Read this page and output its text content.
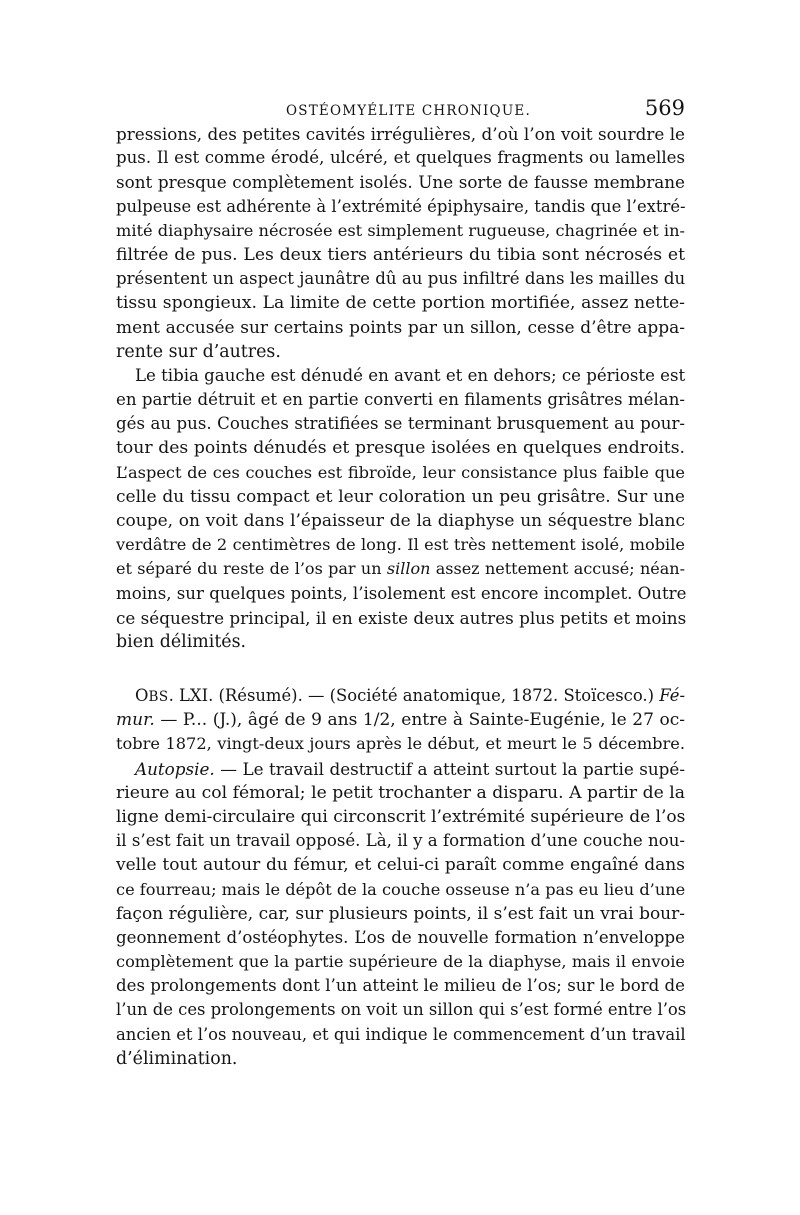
OSTÉOMYÉLITE CHRONIQUE.	569
pressions, des petites cavités irrégulières, d’où l’on voit sourdre le
pus. Il est comme érodé, ulcéré, et quelques fragments ou lamelles
sont presque complètement isolés. Une sorte de fausse membrane
pulpeuse est adhérente à l’extrémité épiphysaire, tandis que l’extré-
mité diaphysaire nécrosée est simplement rugueuse, chagrinée et in-
filtrée de pus. Les deux tiers antérieurs du tibia sont nécrosés et
présentent un aspect jaunâtre dû au pus infiltré dans les mailles du
tissu spongieux. La limite de cette portion mortifiée, assez nette-
ment accusée sur certains points par un sillon, cesse d’être appa-
rente sur d’autres.
Le tibia gauche est dénudé en avant et en dehors; ce périoste est
en partie détruit et en partie converti en filaments grisâtres mélan-
gés au pus. Couches stratifiées se terminant brusquement au pour-
tour des points dénudés et presque isolées en quelques endroits.
L’aspect de ces couches est fibroïde, leur consistance plus faible que
celle du tissu compact et leur coloration un peu grisâtre. Sur une
coupe, on voit dans l’épaisseur de la diaphyse un séquestre blanc
verdâtre de 2 centimètres de long. Il est très nettement isolé, mobile
et séparé du reste de l’os par un sillon assez nettement accusé; néan-
moins, sur quelques points, l’isolement est encore incomplet. Outre
ce séquestre principal, il en existe deux autres plus petits et moins
bien délimités.
OBS. LXI. (Résumé). — (Société anatomique, 1872. Stoïcesco.) Fé-
mur. — P... (J.), âgé de 9 ans 1/2, entre à Sainte-Eugénie, le 27 oc-
tobre 1872, vingt-deux jours après le début, et meurt le 5 décembre.
Autopsie. — Le travail destructif a atteint surtout la partie supé-
rieure au col fémoral; le petit trochanter a disparu. A partir de la
ligne demi-circulaire qui circonscrit l’extrémité supérieure de l’os
il s’est fait un travail opposé. Là, il y a formation d’une couche nou-
velle tout autour du fémur, et celui-ci paraît comme engaîné dans
ce fourreau; mais le dépôt de la couche osseuse n’a pas eu lieu d’une
façon régulière, car, sur plusieurs points, il s’est fait un vrai bour-
geonnement d’ostéophytes. L’os de nouvelle formation n’enveloppe
complètement que la partie supérieure de la diaphyse, mais il envoie
des prolongements dont l’un atteint le milieu de l’os; sur le bord de
l’un de ces prolongements on voit un sillon qui s’est formé entre l’os
ancien et l’os nouveau, et qui indique le commencement d’un travail
d’élimination.
